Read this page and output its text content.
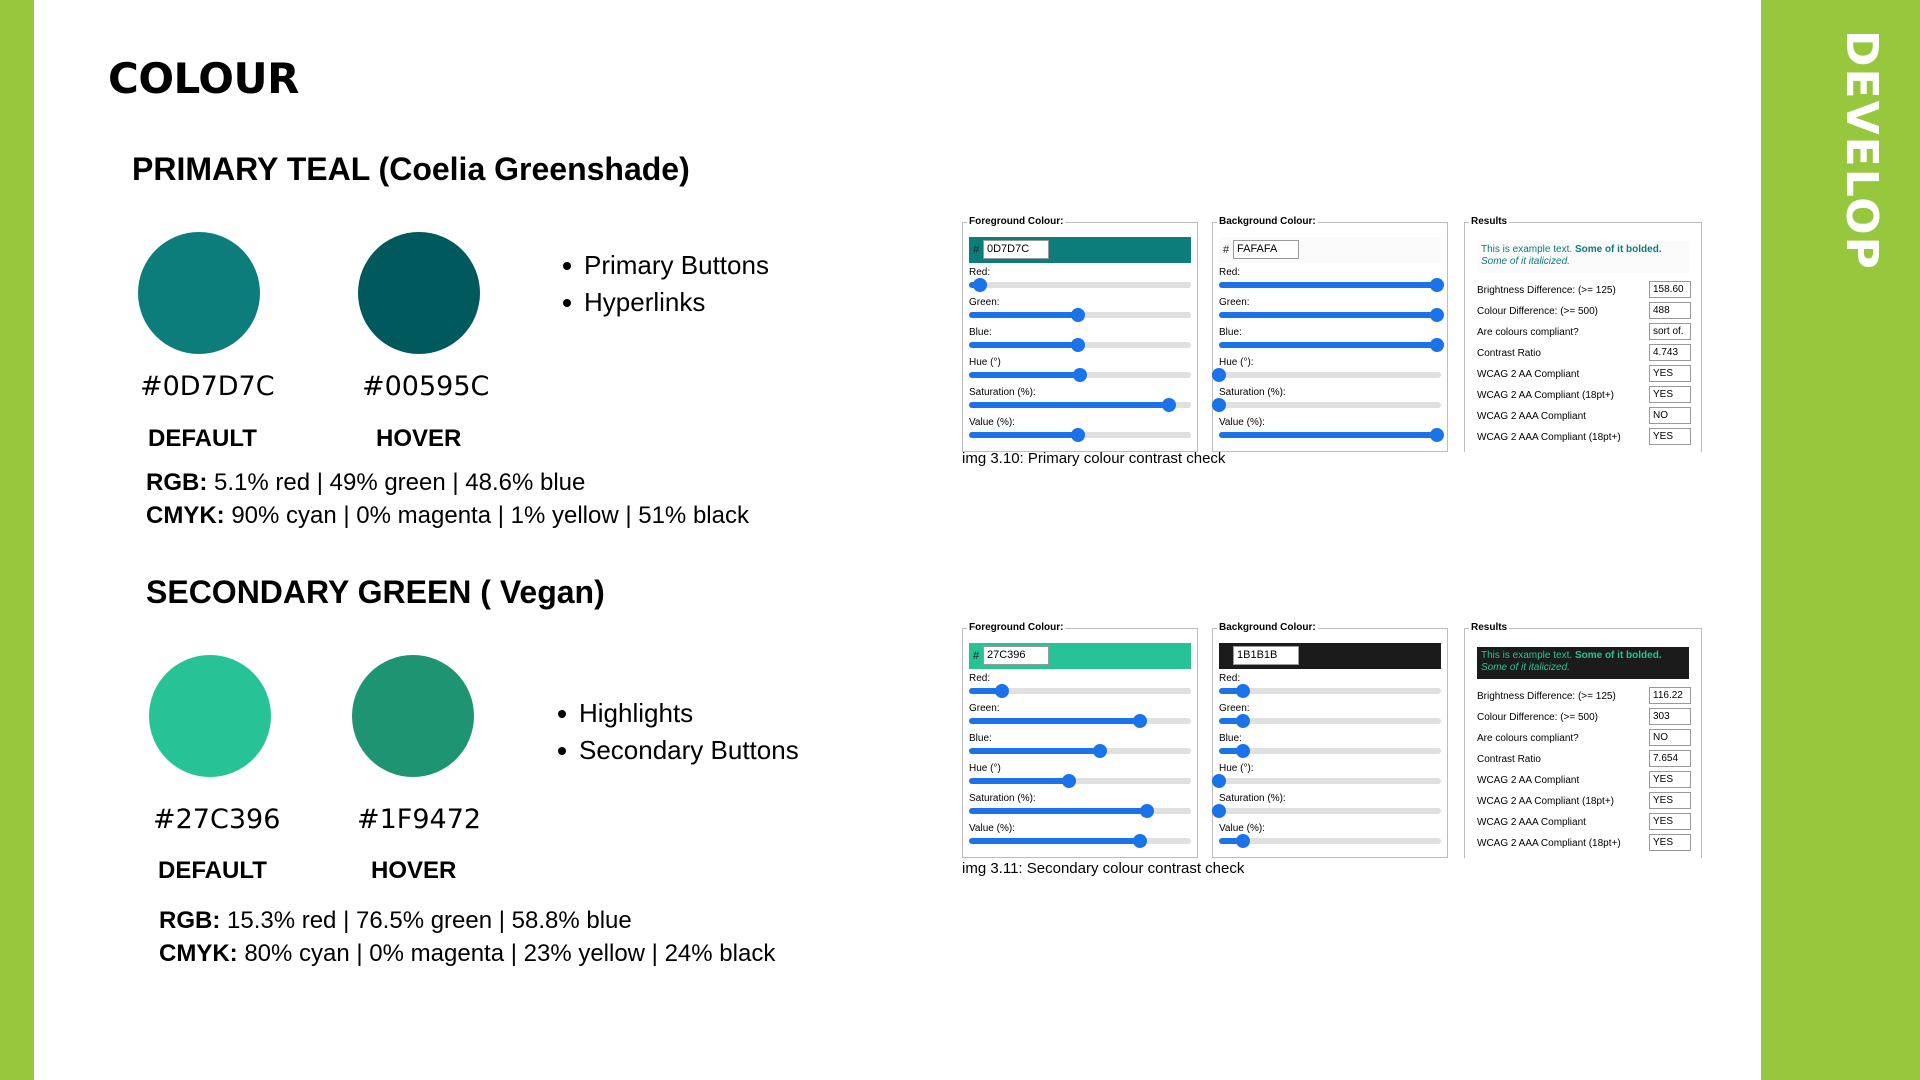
DEVELOP
COLOUR
PRIMARY TEAL (Coelia Greenshade)
#0D7D7C	#00595C
DEFAULT	HOVER
Primary Buttons
Hyperlinks
RGB: 5.1% red | 49% green | 48.6% blue
CMYK: 90% cyan | 0% magenta | 1% yellow | 51% black
SECONDARY GREEN ( Vegan)
#27C396	#1F9472
DEFAULT	HOVER
Highlights
Secondary Buttons
RGB: 15.3% red | 76.5% green | 58.8% blue
CMYK: 80% cyan | 0% magenta | 23% yellow | 24% black
Foreground Colour:
# 0D7D7C
Red:
Green:
Blue:
Hue (°)
Saturation (%):
Value (%):
Background Colour:
# FAFAFA
Red:
Green:
Blue:
Hue (°):
Saturation (%):
Value (%):
Results
This is example text. Some of it bolded.
Some of it italicized.
Brightness Difference: (>= 125)	158.60
Colour Difference: (>= 500)	488
Are colours compliant?	sort of.
Contrast Ratio	4.743
WCAG 2 AA Compliant	YES
WCAG 2 AA Compliant (18pt+)	YES
WCAG 2 AAA Compliant	NO
WCAG 2 AAA Compliant (18pt+)	YES
img 3.10: Primary colour contrast check
Foreground Colour:
# 27C396
Red:
Green:
Blue:
Hue (°)
Saturation (%):
Value (%):
Background Colour:
1B1B1B
Red:
Green:
Blue:
Hue (°):
Saturation (%):
Value (%):
Results
This is example text. Some of it bolded.
Some of it italicized.
Brightness Difference: (>= 125)	116.22
Colour Difference: (>= 500)	303
Are colours compliant?	NO
Contrast Ratio	7.654
WCAG 2 AA Compliant	YES
WCAG 2 AA Compliant (18pt+)	YES
WCAG 2 AAA Compliant	YES
WCAG 2 AAA Compliant (18pt+)	YES
img 3.11: Secondary colour contrast check
